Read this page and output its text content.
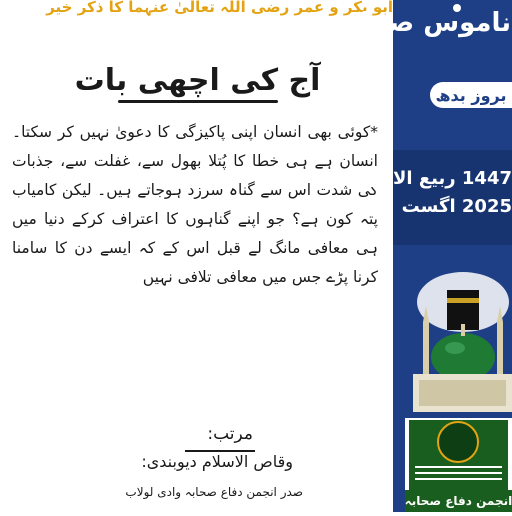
ابو بکر و عمر رضی اللہ تعالیٰ عنہما کا ذکر خیر
آج کی اچھی بات

*کوئی بھی انسان اپنی پاکیزگی کا دعویٰ نہیں کر سکتا۔ انسان ہے ہی خطا کا پُتلا بھول سے، غفلت سے، جذبات کی شدت اس سے گناہ سرزد ہوجاتے ہیں۔ لیکن کامیاب پتہ کون ہے؟ جو اپنے گناہوں کا اعتراف کرکے دنیا میں ہی معافی مانگ لے قبل اس کے کہ ایسے دن کا سامنا کرنا پڑے جس میں معافی تلافی نہیں

مرتب:
وقاص الاسلام دیوبندی:
صدر انجمن دفاع صحابہ وادی لولاب
ناموس صحابہ
بروز بدھ
1447 ربیع الاول
2025 اگست
انجمن دفاع صحابہ
